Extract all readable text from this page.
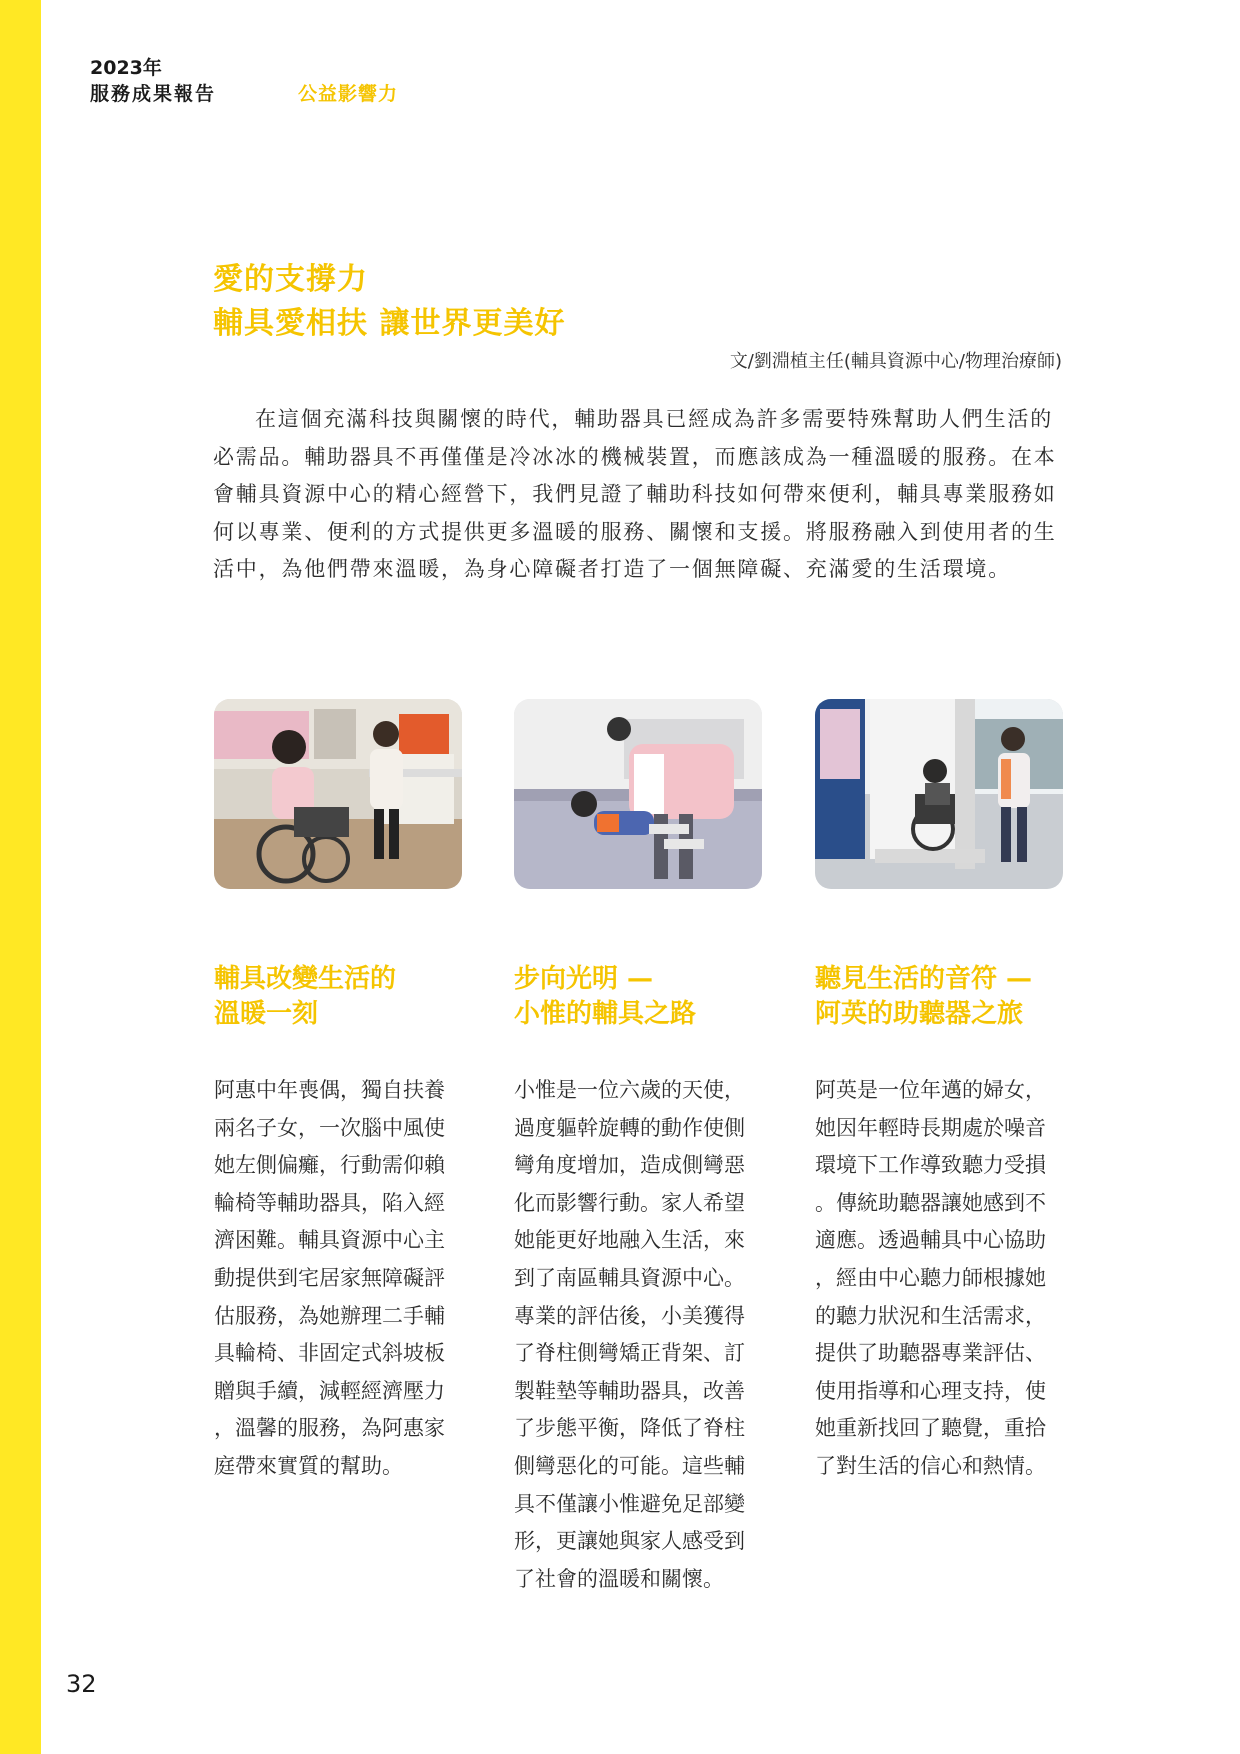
2023年
服務成果報告	公益影響力
愛的支撐力
輔具愛相扶 讓世界更美好
文/劉淵植主任(輔具資源中心/物理治療師)

在這個充滿科技與關懷的時代，輔助器具已經成為許多需要特殊幫助人們生活的必需品。輔助器具不再僅僅是冷冰冰的機械裝置，而應該成為一種溫暖的服務。在本會輔具資源中心的精心經營下，我們見證了輔助科技如何帶來便利，輔具專業服務如何以專業、便利的方式提供更多溫暖的服務、關懷和支援。將服務融入到使用者的生活中，為他們帶來溫暖，為身心障礙者打造了一個無障礙、充滿愛的生活環境。

輔具改變生活的
溫暖一刻
步向光明 —
小惟的輔具之路
聽見生活的音符 —
阿英的助聽器之旅

阿惠中年喪偶，獨自扶養
兩名子女，一次腦中風使
她左側偏癱，行動需仰賴
輪椅等輔助器具，陷入經
濟困難。輔具資源中心主
動提供到宅居家無障礙評
估服務，為她辦理二手輔
具輪椅、非固定式斜坡板
贈與手續，減輕經濟壓力
，溫馨的服務，為阿惠家
庭帶來實質的幫助。

小惟是一位六歲的天使，
過度軀幹旋轉的動作使側
彎角度增加，造成側彎惡
化而影響行動。家人希望
她能更好地融入生活，來
到了南區輔具資源中心。
專業的評估後，小美獲得
了脊柱側彎矯正背架、訂
製鞋墊等輔助器具，改善
了步態平衡，降低了脊柱
側彎惡化的可能。這些輔
具不僅讓小惟避免足部變
形，更讓她與家人感受到
了社會的溫暖和關懷。

阿英是一位年邁的婦女，
她因年輕時長期處於噪音
環境下工作導致聽力受損
。傳統助聽器讓她感到不
適應。透過輔具中心協助
，經由中心聽力師根據她
的聽力狀況和生活需求，
提供了助聽器專業評估、
使用指導和心理支持，使
她重新找回了聽覺，重拾
了對生活的信心和熱情。

32
